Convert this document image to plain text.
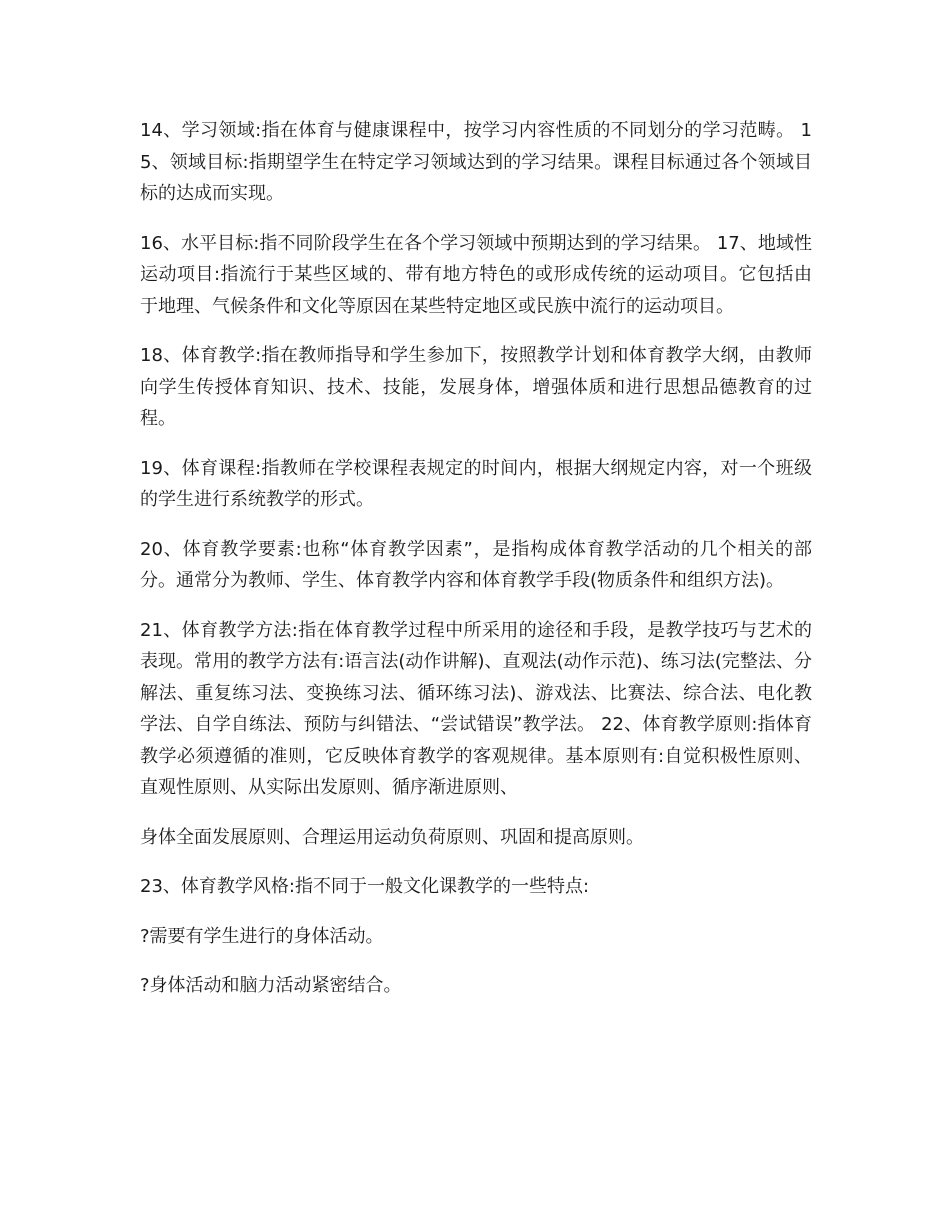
14、学习领域:指在体育与健康课程中，按学习内容性质的不同划分的学习范畴。 15、领域目标:指期望学生在特定学习领域达到的学习结果。课程目标通过各个领域目标的达成而实现。

16、水平目标:指不同阶段学生在各个学习领域中预期达到的学习结果。 17、地域性运动项目:指流行于某些区域的、带有地方特色的或形成传统的运动项目。它包括由于地理、气候条件和文化等原因在某些特定地区或民族中流行的运动项目。

18、体育教学:指在教师指导和学生参加下，按照教学计划和体育教学大纲，由教师向学生传授体育知识、技术、技能，发展身体，增强体质和进行思想品德教育的过程。

19、体育课程:指教师在学校课程表规定的时间内，根据大纲规定内容，对一个班级的学生进行系统教学的形式。

20、体育教学要素:也称“体育教学因素”，是指构成体育教学活动的几个相关的部分。通常分为教师、学生、体育教学内容和体育教学手段(物质条件和组织方法)。

21、体育教学方法:指在体育教学过程中所采用的途径和手段，是教学技巧与艺术的表现。常用的教学方法有:语言法(动作讲解)、直观法(动作示范)、练习法(完整法、分解法、重复练习法、变换练习法、循环练习法)、游戏法、比赛法、综合法、电化教学法、自学自练法、预防与纠错法、“尝试错误”教学法。 22、体育教学原则:指体育教学必须遵循的准则，它反映体育教学的客观规律。基本原则有:自觉积极性原则、直观性原则、从实际出发原则、循序渐进原则、

身体全面发展原则、合理运用运动负荷原则、巩固和提高原则。

23、体育教学风格:指不同于一般文化课教学的一些特点:

?需要有学生进行的身体活动。

?身体活动和脑力活动紧密结合。
